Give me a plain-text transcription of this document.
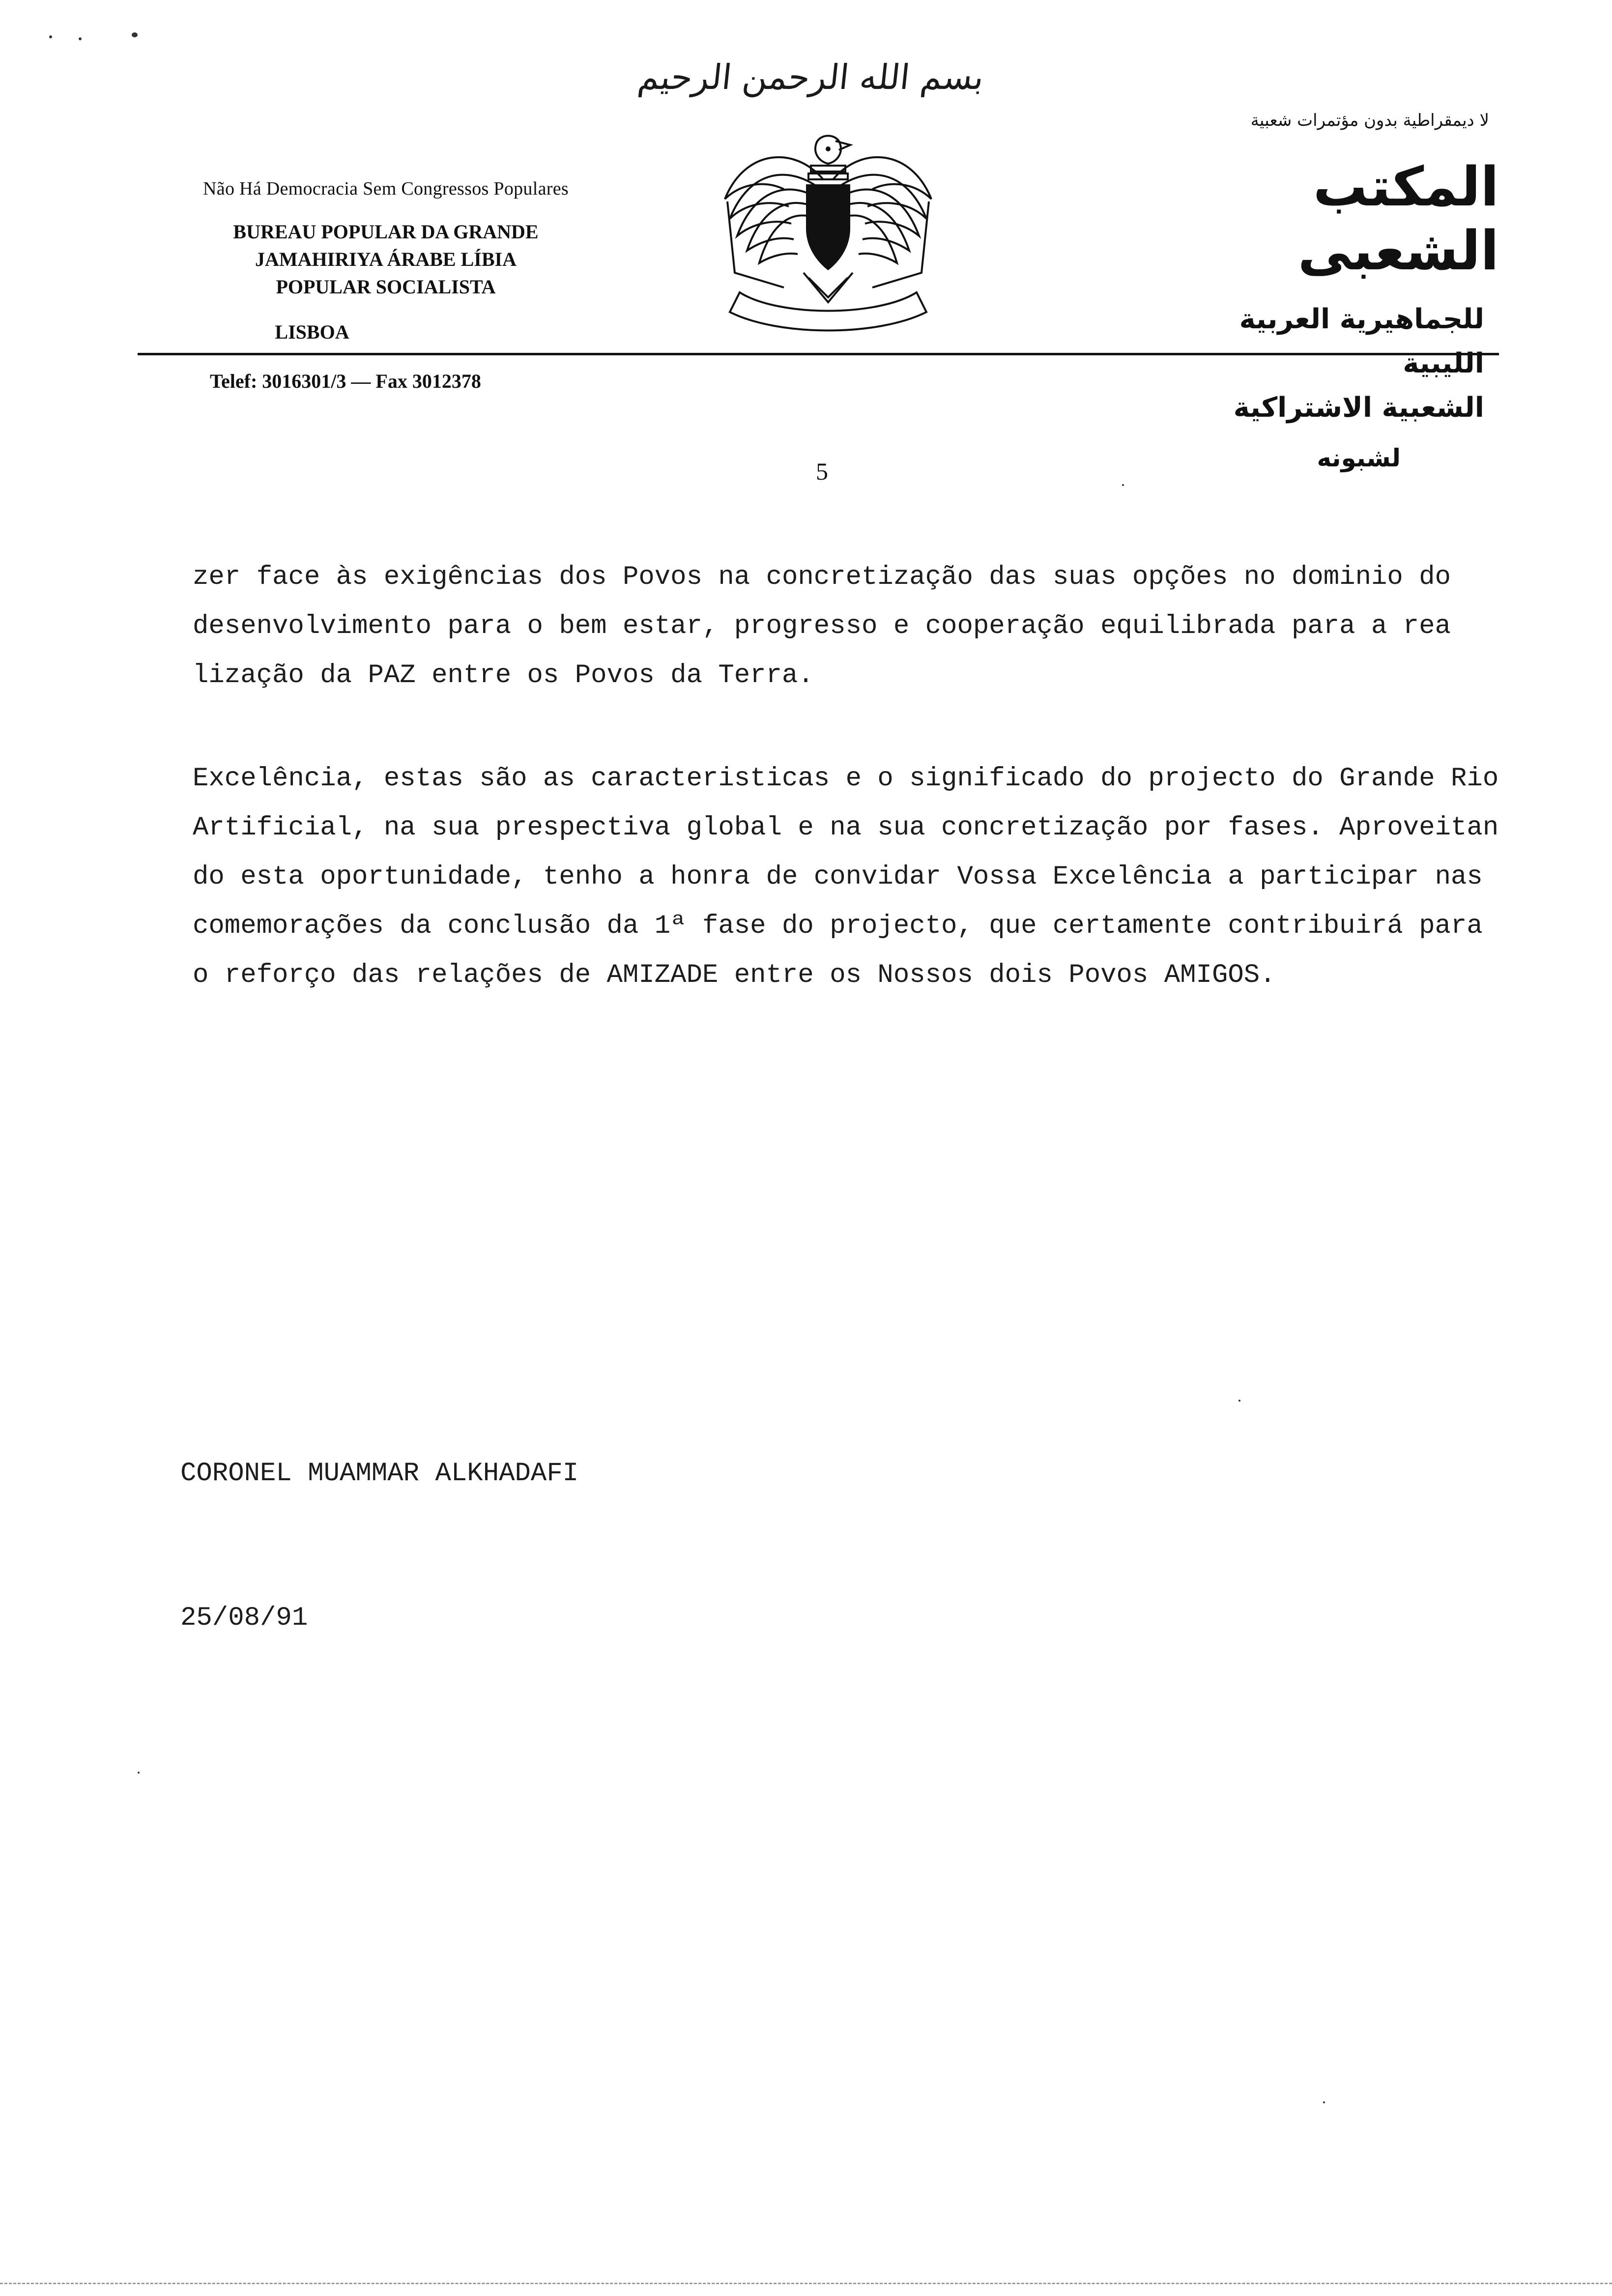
بسم الله الرحمن الرحيم
Não Há Democracia Sem Congressos Populares
BUREAU POPULAR DA GRANDE
JAMAHIRIYA ÁRABE LÍBIA
POPULAR SOCIALISTA
LISBOA
لا ديمقراطية بدون مؤتمرات شعبية
المكتب الشعبى
للجماهيرية العربية الليبية
الشعبية الاشتراكية
لشبونه
Telef: 3016301/3 — Fax 3012378
5
zer face às exigências dos Povos na concretização das suas opções no dominio do
desenvolvimento para o bem estar, progresso e cooperação equilibrada para a rea
lização da PAZ entre os Povos da Terra.
Excelência, estas são as caracteristicas e o significado do projecto do Grande Rio
Artificial, na sua prespectiva global e na sua concretização por fases. Aproveitan
do esta oportunidade, tenho a honra de convidar Vossa Excelência a participar nas
comemorações da conclusão da 1ª fase do projecto, que certamente contribuirá para
o reforço das relações de AMIZADE entre os Nossos dois Povos AMIGOS.
CORONEL MUAMMAR ALKHADAFI
25/08/91
